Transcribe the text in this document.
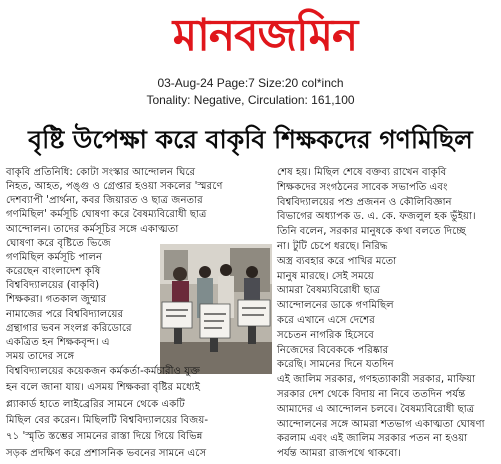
মানবজমিন
03-Aug-24 Page:7 Size:20 col*inch
Tonality: Negative, Circulation: 161,100
বৃষ্টি উপেক্ষা করে বাকৃবি শিক্ষকদের গণমিছিল

বাকৃবি প্রতিনিধি: কোটা সংস্কার আন্দোলন ঘিরে

নিহত, আহত, পঙ্গু ও গ্রেপ্তার হওয়া সকলের 'স্মরণে

দেশব্যাপী 'প্রার্থনা, কবর জিয়ারত ও ছাত্র জনতার

গণমিছিল' কর্মসূচি ঘোষণা করে বৈষম্যবিরোধী ছাত্র

আন্দোলন। তাদের কর্মসূচির সঙ্গে একাত্মতা

ঘোষণা করে বৃষ্টিতে ভিজে

গণমিছিল কর্মসূচি পালন

করেছেন বাংলাদেশ কৃষি

বিশ্ববিদ্যালয়ের (বাকৃবি)

শিক্ষকরা। গতকাল জুম্মার

নামাজের পরে বিশ্ববিদ্যালয়ের

গ্রন্থাগার ভবন সংলগ্ন করিডোরে

একত্রিত হন শিক্ষকবৃন্দ। এ

সময় তাদের সঙ্গে

শেষ হয়। মিছিল শেষে বক্তব্য রাখেন বাকৃবি

শিক্ষকদের সংগঠনের সাবেক সভাপতি এবং

বিশ্ববিদ্যালয়ের পশু প্রজনন ও কৌলিবিজ্ঞান

বিভাগের অধ্যাপক ড. এ. কে. ফজলুল হক ভুঁইয়া।

তিনি বলেন, সরকার মানুষকে কথা বলতে দিচ্ছে

না। টুটি চেপে ধরছে। নিরিদ্ধ

অস্ত্র ব্যবহার করে পাখির মতো

মানুষ মারছে। সেই সময়ে

আমরা বৈষম্যবিরোধী ছাত্র

আন্দোলনের ডাকে গণমিছিল

করে এখানে এসে দেশের

সচেতন নাগরিক হিসেবে

নিজেদের বিবেককে পরিষ্কার

করেছি। সামনের দিনে যতদিন

এই জালিম সরকার, গণহত্যাকারী সরকার, মাফিয়া

সরকার দেশ থেকে বিদায় না নিবে ততদিন পর্যন্ত

আমাদের এ আন্দোলন চলবে। বৈষম্যবিরোধী ছাত্র

আন্দোলনের সঙ্গে আমরা শতভাগ একাত্মতা ঘোষণা

করলাম এবং এই জালিম সরকার পতন না হওয়া

পর্যন্ত আমরা রাজপথে থাকবো।

বিশ্ববিদ্যালয়ের কয়েকজন কর্মকর্তা-কর্মচারীও যুক্ত

হন বলে জানা যায়। এসময় শিক্ষকরা বৃষ্টির মধ্যেই

প্ল্যাকার্ড হাতে লাইব্রেরির সামনে থেকে একটি

মিছিল বের করেন। মিছিলটি বিশ্ববিদ্যালয়ের বিজয়-

৭১ 'স্মৃতি স্তম্ভের সামনের রাস্তা দিয়ে গিয়ে বিভিন্ন

সড়ক প্রদক্ষিণ করে প্রশাসনিক ভবনের সামনে এসে
